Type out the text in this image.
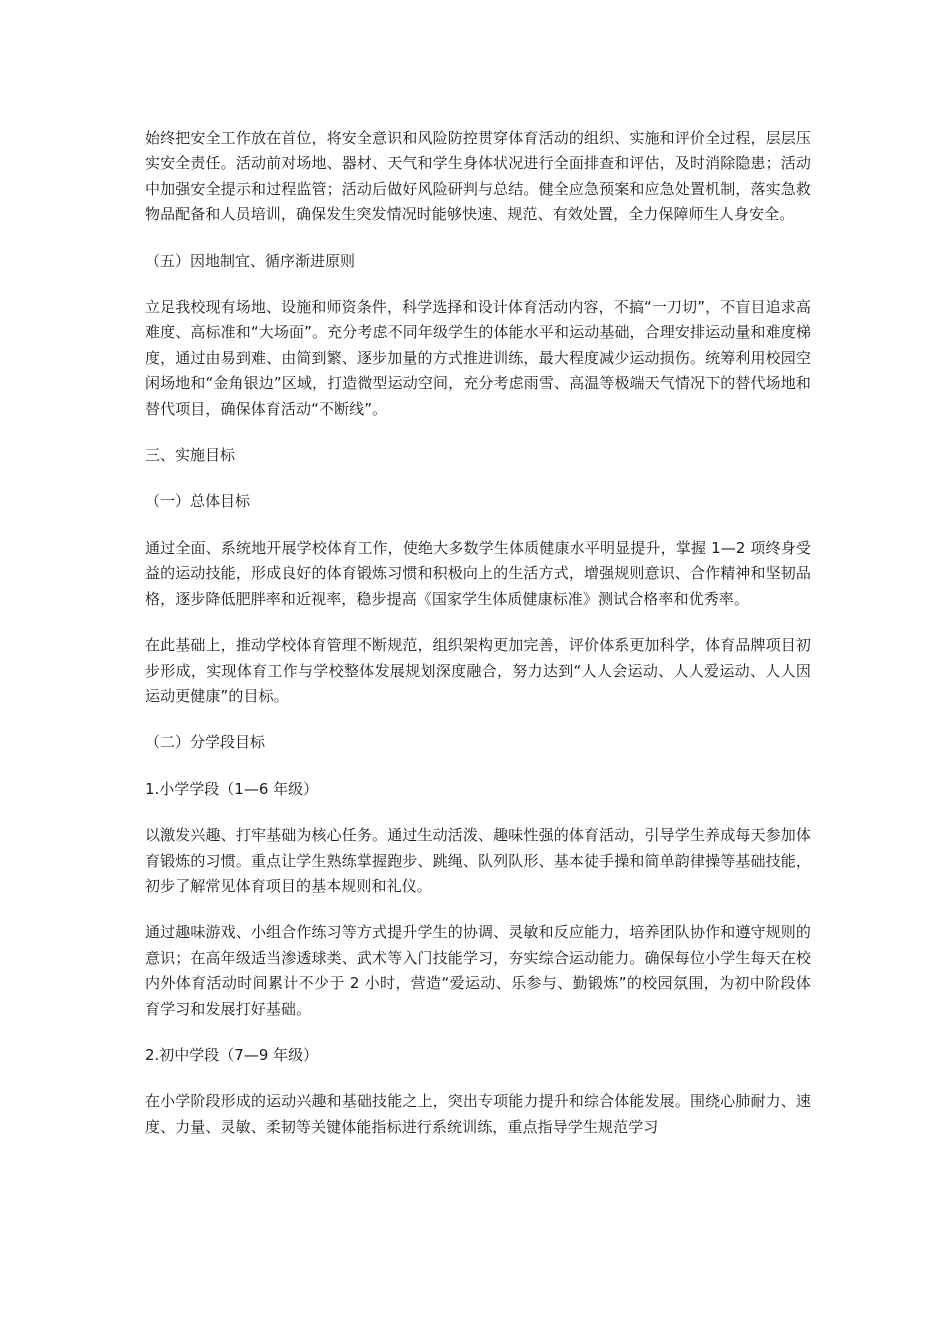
始终把安全工作放在首位，将安全意识和风险防控贯穿体育活动的组织、实施和评价全过程，层层压实安全责任。活动前对场地、器材、天气和学生身体状况进行全面排查和评估，及时消除隐患；活动中加强安全提示和过程监管；活动后做好风险研判与总结。健全应急预案和应急处置机制，落实急救物品配备和人员培训，确保发生突发情况时能够快速、规范、有效处置，全力保障师生人身安全。

（五）因地制宜、循序渐进原则

立足我校现有场地、设施和师资条件，科学选择和设计体育活动内容，不搞“一刀切”，不盲目追求高难度、高标准和“大场面”。充分考虑不同年级学生的体能水平和运动基础，合理安排运动量和难度梯度，通过由易到难、由简到繁、逐步加量的方式推进训练，最大程度减少运动损伤。统筹利用校园空闲场地和“金角银边”区域，打造微型运动空间，充分考虑雨雪、高温等极端天气情况下的替代场地和替代项目，确保体育活动“不断线”。

三、实施目标

（一）总体目标

通过全面、系统地开展学校体育工作，使绝大多数学生体质健康水平明显提升，掌握 1—2 项终身受益的运动技能，形成良好的体育锻炼习惯和积极向上的生活方式，增强规则意识、合作精神和坚韧品格，逐步降低肥胖率和近视率，稳步提高《国家学生体质健康标准》测试合格率和优秀率。

在此基础上，推动学校体育管理不断规范，组织架构更加完善，评价体系更加科学，体育品牌项目初步形成，实现体育工作与学校整体发展规划深度融合，努力达到“人人会运动、人人爱运动、人人因运动更健康”的目标。

（二）分学段目标

1.小学学段（1—6 年级）

以激发兴趣、打牢基础为核心任务。通过生动活泼、趣味性强的体育活动，引导学生养成每天参加体育锻炼的习惯。重点让学生熟练掌握跑步、跳绳、队列队形、基本徒手操和简单韵律操等基础技能，初步了解常见体育项目的基本规则和礼仪。

通过趣味游戏、小组合作练习等方式提升学生的协调、灵敏和反应能力，培养团队协作和遵守规则的意识；在高年级适当渗透球类、武术等入门技能学习，夯实综合运动能力。确保每位小学生每天在校内外体育活动时间累计不少于 2 小时，营造“爱运动、乐参与、勤锻炼”的校园氛围，为初中阶段体育学习和发展打好基础。

2.初中学段（7—9 年级）

在小学阶段形成的运动兴趣和基础技能之上，突出专项能力提升和综合体能发展。围绕心肺耐力、速度、力量、灵敏、柔韧等关键体能指标进行系统训练，重点指导学生规范学习
